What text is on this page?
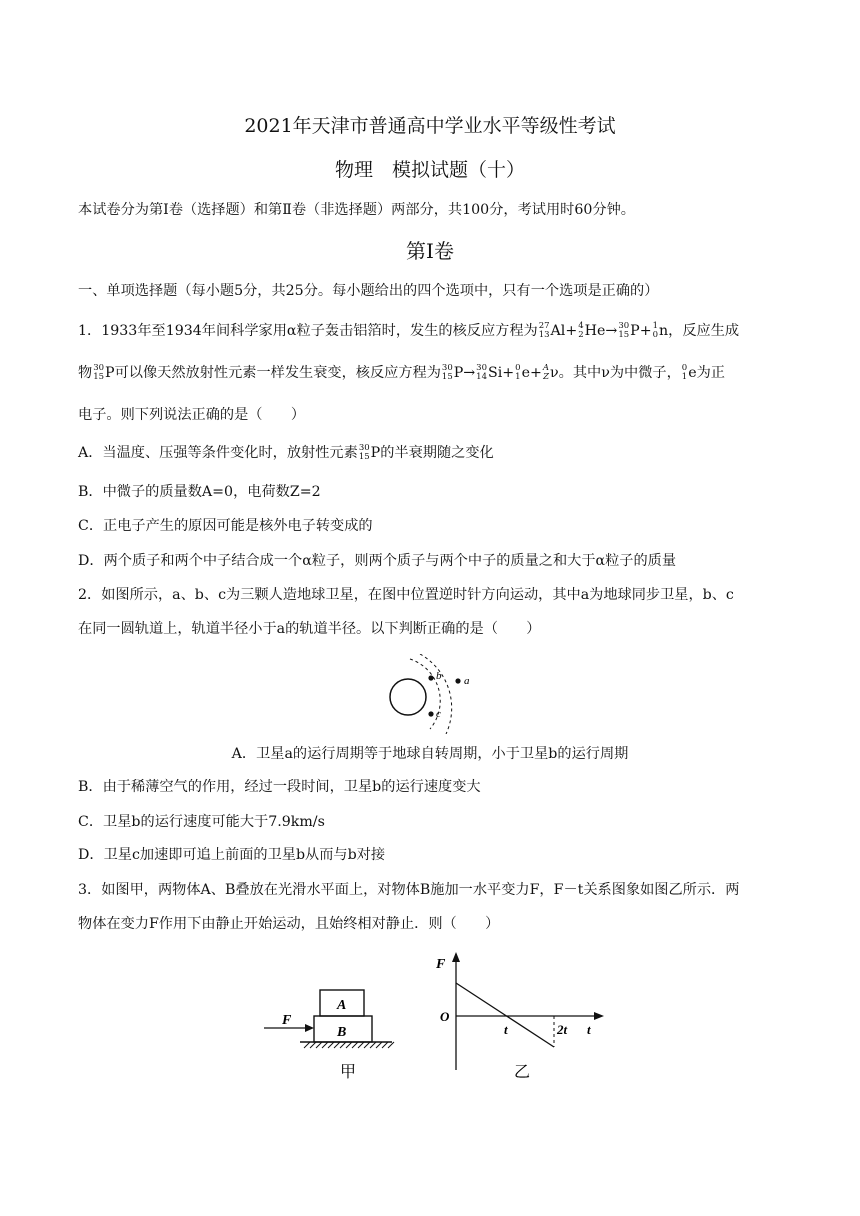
2021年天津市普通高中学业水平等级性考试
物理　模拟试题（十）
本试卷分为第Ⅰ卷（选择题）和第Ⅱ卷（非选择题）两部分，共100分，考试用时60分钟。
第Ⅰ卷
一、单项选择题（每小题5分，共25分。每小题给出的四个选项中，只有一个选项是正确的）
1．1933年至1934年间科学家用α粒子轰击铝箔时，发生的核反应方程为 27
13 Al+ 4
2 He→ 30
15 P+ 1
0 n，反应生成
物 30
15 P可以像天然放射性元素一样发生衰变，核反应方程为 30
15 P→ 30
14 Si+ 0
1 e+ A
Z ν。其中ν为中微子， 0
1 e为正
电子。则下列说法正确的是（　　）
A．当温度、压强等条件变化时，放射性元素 30
15 P的半衰期随之变化
B．中微子的质量数A=0，电荷数Z=2
C．正电子产生的原因可能是核外电子转变成的
D．两个质子和两个中子结合成一个α粒子，则两个质子与两个中子的质量之和大于α粒子的质量
2．如图所示，a、b、c为三颗人造地球卫星，在图中位置逆时针方向运动，其中a为地球同步卫星，b、c
在同一圆轨道上，轨道半径小于a的轨道半径。以下判断正确的是（　　）
b a
c
A．卫星a的运行周期等于地球自转周期，小于卫星b的运行周期
B．由于稀薄空气的作用，经过一段时间，卫星b的运行速度变大
C．卫星b的运行速度可能大于7.9km/s
D．卫星c加速即可追上前面的卫星b从而与b对接
3．如图甲，两物体A、B叠放在光滑水平面上，对物体B施加一水平变力F，F－t关系图象如图乙所示．两
物体在变力F作用下由静止开始运动，且始终相对静止．则（　　）
F
A
B
甲
F
O
t	2t t
乙
